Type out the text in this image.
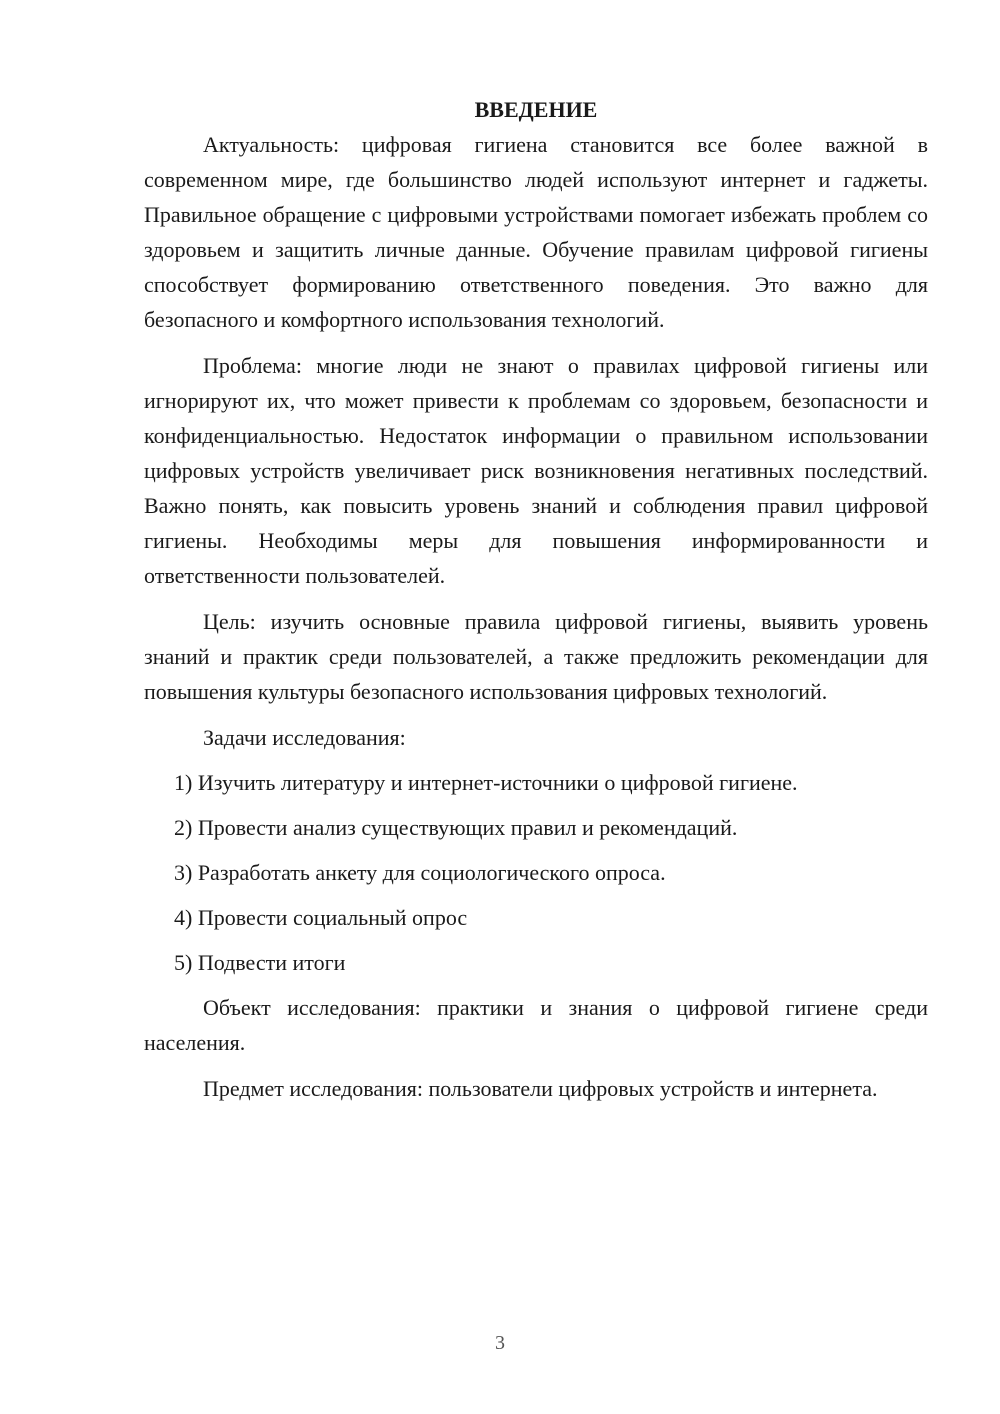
ВВЕДЕНИЕ

Актуальность: цифровая гигиена становится все более важной в современном мире, где большинство людей используют интернет и гаджеты. Правильное обращение с цифровыми устройствами помогает избежать проблем со здоровьем и защитить личные данные. Обучение правилам цифровой гигиены способствует формированию ответственного поведения. Это важно для безопасного и комфортного использования технологий.

Проблема: многие люди не знают о правилах цифровой гигиены или игнорируют их, что может привести к проблемам со здоровьем, безопасности и конфиденциальностью. Недостаток информации о правильном использовании цифровых устройств увеличивает риск возникновения негативных последствий. Важно понять, как повысить уровень знаний и соблюдения правил цифровой гигиены. Необходимы меры для повышения информированности и ответственности пользователей.

Цель: изучить основные правила цифровой гигиены, выявить уровень знаний и практик среди пользователей, а также предложить рекомендации для повышения культуры безопасного использования цифровых технологий.

Задачи исследования:

1) Изучить литературу и интернет-источники о цифровой гигиене.
2) Провести анализ существующих правил и рекомендаций.
3) Разработать анкету для социологического опроса.
4) Провести социальный опрос
5) Подвести итоги

Объект исследования: практики и знания о цифровой гигиене среди населения.

Предмет исследования: пользователи цифровых устройств и интернета.

3
